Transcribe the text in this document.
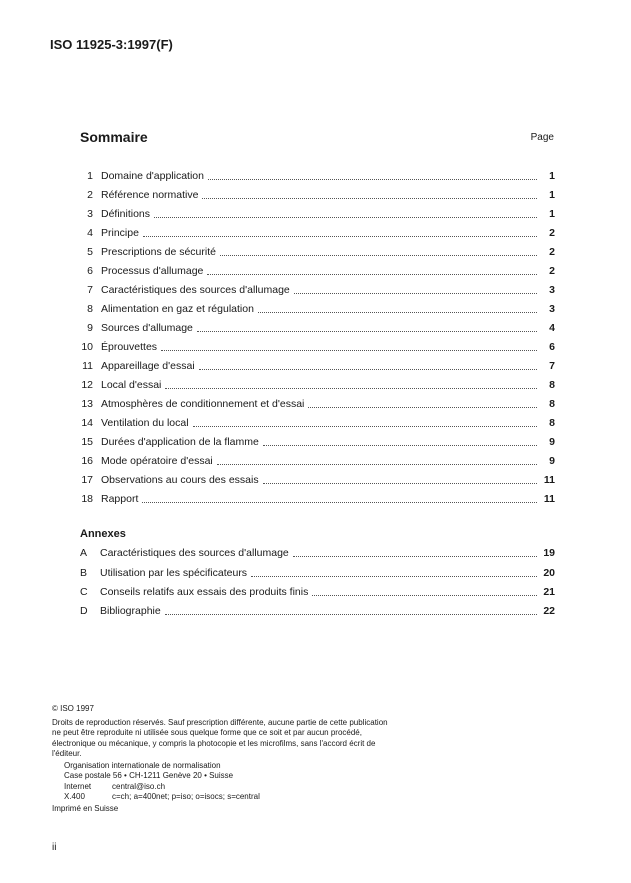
ISO 11925-3:1997(F)
Sommaire	Page
1 Domaine d'application	1
2 Référence normative	1
3 Définitions	1
4 Principe	2
5 Prescriptions de sécurité	2
6 Processus d'allumage	2
7 Caractéristiques des sources d'allumage	3
8 Alimentation en gaz et régulation	3
9 Sources d'allumage	4
10 Éprouvettes	6
11 Appareillage d'essai	7
12 Local d'essai	8
13 Atmosphères de conditionnement et d'essai	8
14 Ventilation du local	8
15 Durées d'application de la flamme	9
16 Mode opératoire d'essai	9
17 Observations au cours des essais	11
18 Rapport	11
Annexes
A Caractéristiques des sources d'allumage	19
B Utilisation par les spécificateurs	20
C Conseils relatifs aux essais des produits finis	21
D Bibliographie	22
© ISO 1997

Droits de reproduction réservés. Sauf prescription différente, aucune partie de cette publication ne peut être reproduite ni utilisée sous quelque forme que ce soit et par aucun procédé, électronique ou mécanique, y compris la photocopie et les microfilms, sans l'accord écrit de l'éditeur.

Organisation internationale de normalisation
Case postale 56 • CH-1211 Genève 20 • Suisse
Internet	central@iso.ch
X.400	c=ch; a=400net; p=iso; o=isocs; s=central
Imprimé en Suisse
ii
